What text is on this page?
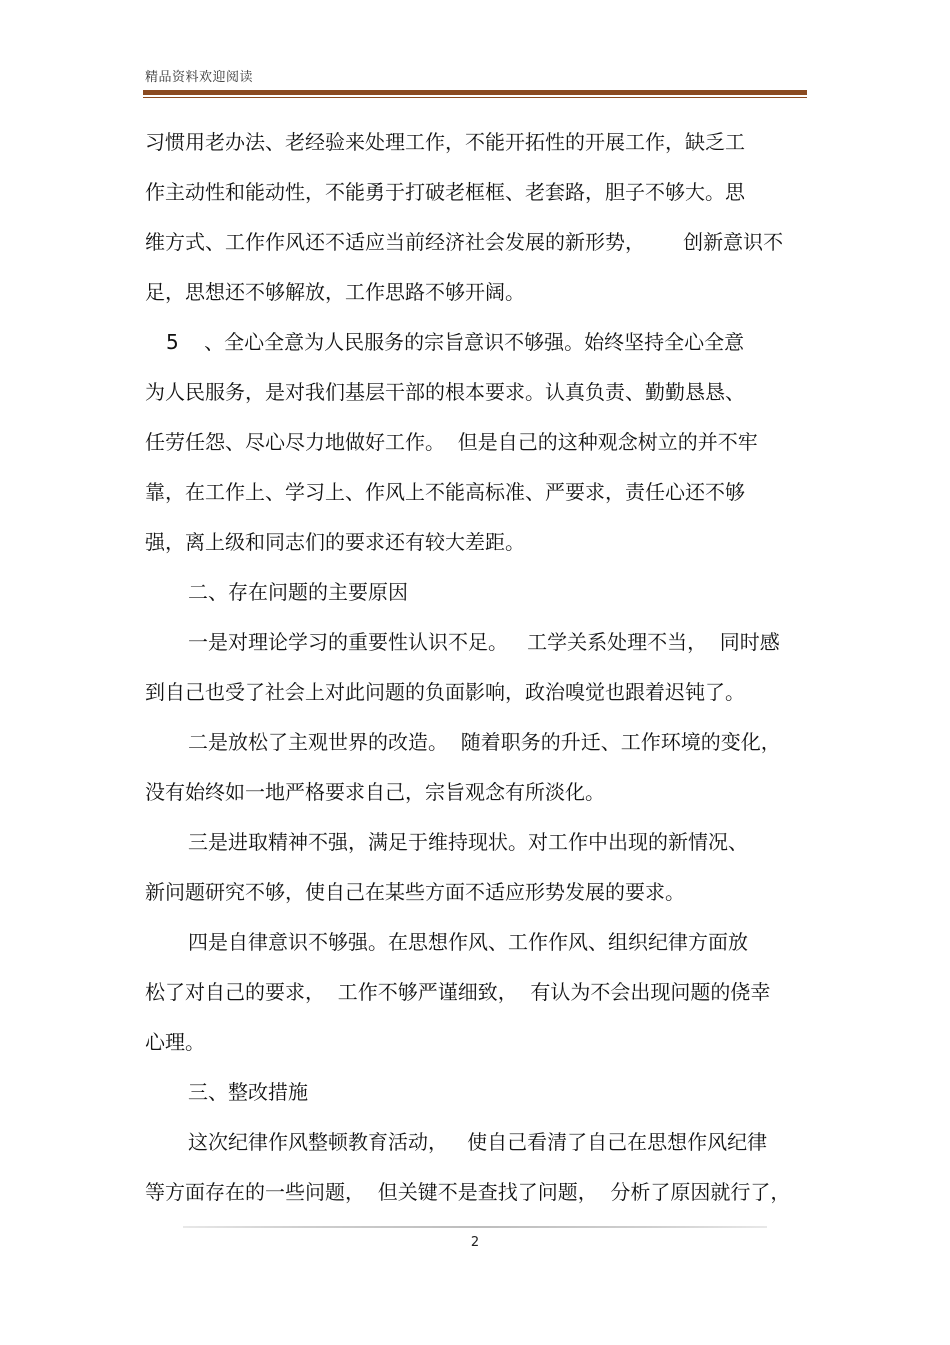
精品资料欢迎阅读
习惯用老办法、老经验来处理工作，不能开拓性的开展工作，缺乏工
作主动性和能动性，不能勇于打破老框框、老套路，胆子不够大。思
维方式、工作作风还不适应当前经济社会发展的新形势，      创新意识不
足，思想还不够解放，工作思路不够开阔。
5    、全心全意为人民服务的宗旨意识不够强。始终坚持全心全意
为人民服务，是对我们基层干部的根本要求。认真负责、勤勤恳恳、
任劳任怨、尽心尽力地做好工作。  但是自己的这种观念树立的并不牢
靠，在工作上、学习上、作风上不能高标准、严要求，责任心还不够
强，离上级和同志们的要求还有较大差距。
二、存在问题的主要原因
一是对理论学习的重要性认识不足。   工学关系处理不当，  同时感
到自己也受了社会上对此问题的负面影响，政治嗅觉也跟着迟钝了。
二是放松了主观世界的改造。  随着职务的升迁、工作环境的变化，
没有始终如一地严格要求自己，宗旨观念有所淡化。
三是进取精神不强，满足于维持现状。对工作中出现的新情况、
新问题研究不够，使自己在某些方面不适应形势发展的要求。
四是自律意识不够强。在思想作风、工作作风、组织纪律方面放
松了对自己的要求，  工作不够严谨细致，  有认为不会出现问题的侥幸
心理。
三、整改措施
这次纪律作风整顿教育活动，   使自己看清了自己在思想作风纪律
等方面存在的一些问题，  但关键不是查找了问题，  分析了原因就行了，
2
